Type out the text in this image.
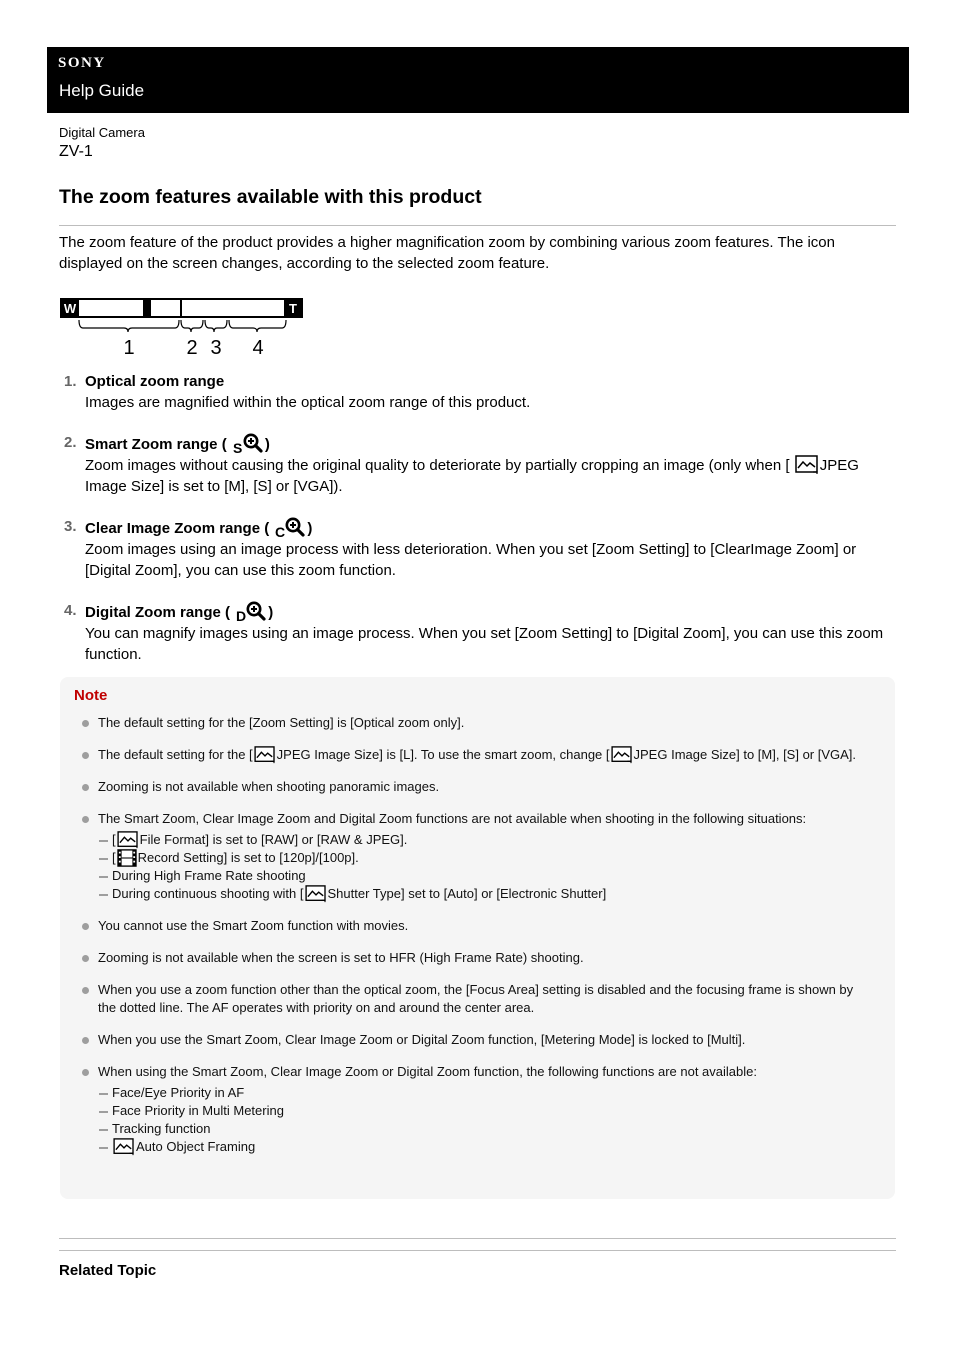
SONY
Help Guide
Digital Camera
ZV-1
The zoom features available with this product

The zoom feature of the product provides a higher magnification zoom by combining various zoom features. The icon displayed on the screen changes, according to the selected zoom feature.

W	T
1	2 3 4
1. Optical zoom range
Images are magnified within the optical zoom range of this product.
2. Smart Zoom range ( S )
Zoom images without causing the original quality to deteriorate by partially cropping an image (only when [ JPEG Image Size] is set to [M], [S] or [VGA]).
3. Clear Image Zoom range ( C )
Zoom images using an image process with less deterioration. When you set [Zoom Setting] to [ClearImage Zoom] or [Digital Zoom], you can use this zoom function.
4. Digital Zoom range ( D )
You can magnify images using an image process. When you set [Zoom Setting] to [Digital Zoom], you can use this zoom function.
Note
The default setting for the [Zoom Setting] is [Optical zoom only].
The default setting for the [ JPEG Image Size] is [L]. To use the smart zoom, change [ JPEG Image Size] to [M], [S] or [VGA].
Zooming is not available when shooting panoramic images.
The Smart Zoom, Clear Image Zoom and Digital Zoom functions are not available when shooting in the following situations:
[ File Format] is set to [RAW] or [RAW & JPEG].
[ Record Setting] is set to [120p]/[100p].
During High Frame Rate shooting
During continuous shooting with [ Shutter Type] set to [Auto] or [Electronic Shutter]
You cannot use the Smart Zoom function with movies.
Zooming is not available when the screen is set to HFR (High Frame Rate) shooting.
When you use a zoom function other than the optical zoom, the [Focus Area] setting is disabled and the focusing frame is shown by the dotted line. The AF operates with priority on and around the center area.
When you use the Smart Zoom, Clear Image Zoom or Digital Zoom function, [Metering Mode] is locked to [Multi].
When using the Smart Zoom, Clear Image Zoom or Digital Zoom function, the following functions are not available:
Face/Eye Priority in AF
Face Priority in Multi Metering
Tracking function
Auto Object Framing
Related Topic
